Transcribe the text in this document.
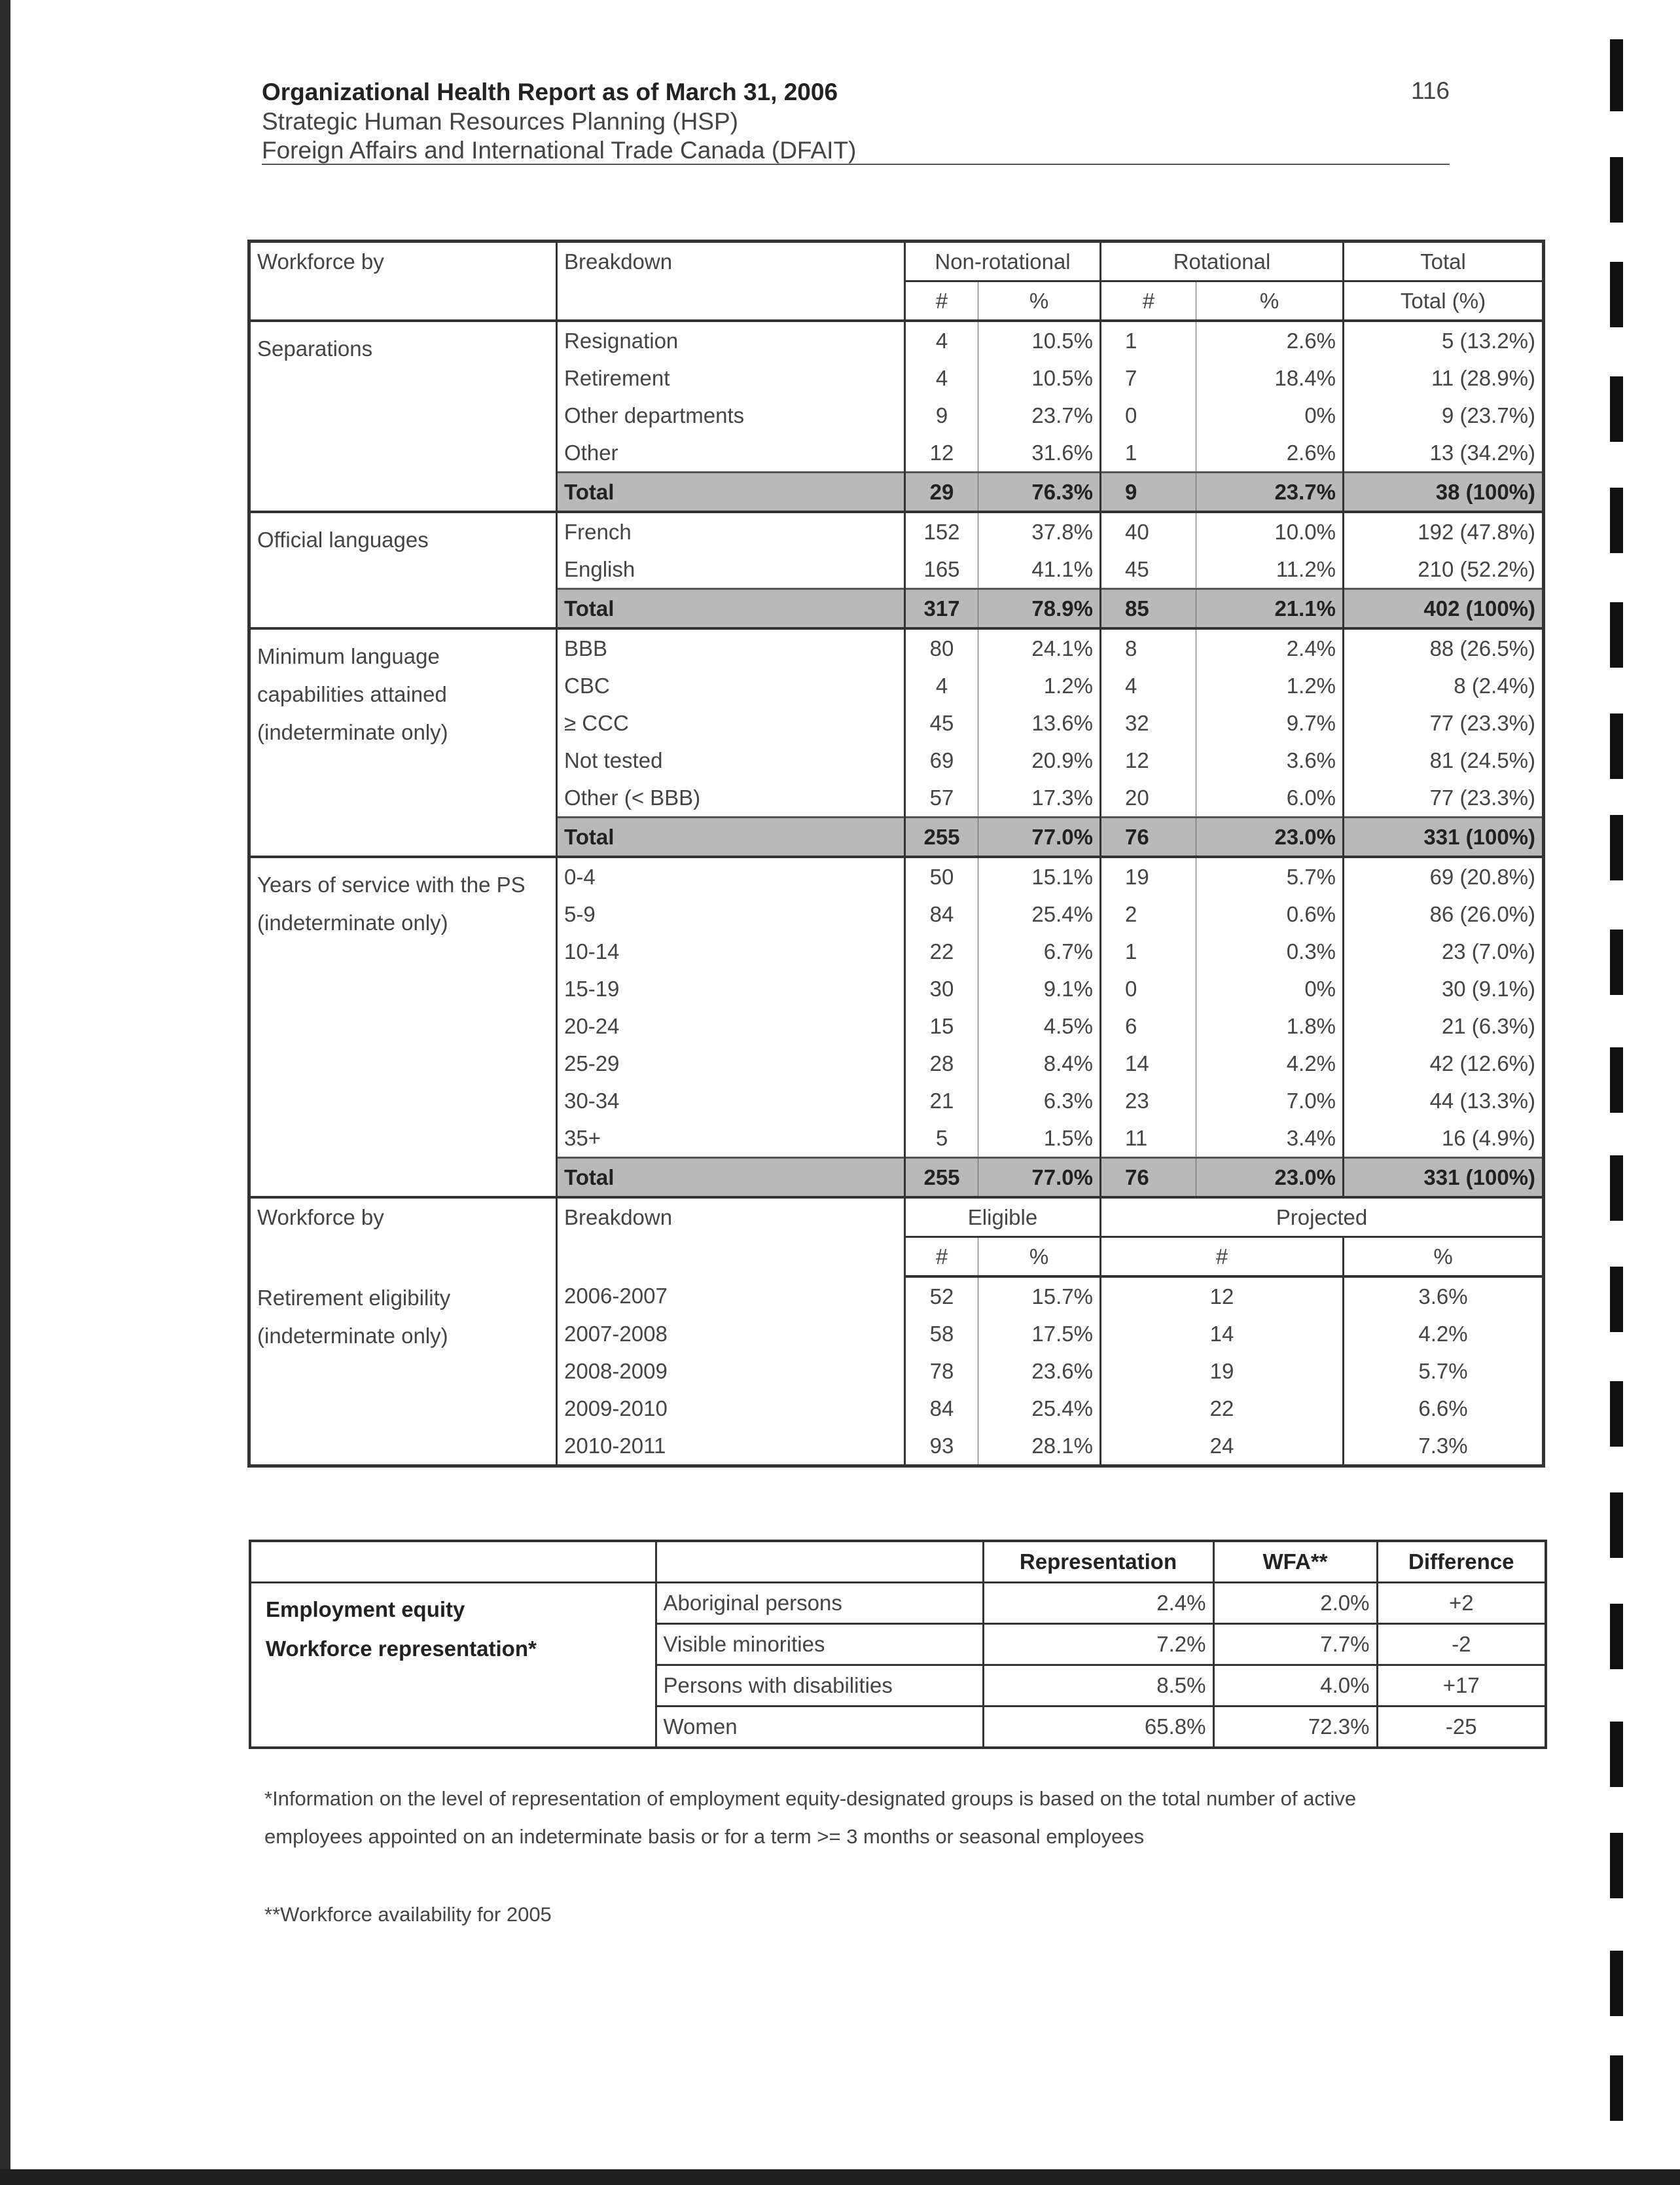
Organizational Health Report as of March 31, 2006
Strategic Human Resources Planning (HSP)
Foreign Affairs and International Trade Canada (DFAIT)
116
Workforce by	Breakdown	Non-rotational		Rotational		Total
		#	%	#	%	Total (%)
Separations	Resignation	4	10.5%	1	2.6%	5 (13.2%)
	Retirement	4	10.5%	7	18.4%	11 (28.9%)
	Other departments	9	23.7%	0	0%	9 (23.7%)
	Other	12	31.6%	1	2.6%	13 (34.2%)
	Total	29	76.3%	9	23.7%	38 (100%)
Official languages	French	152	37.8%	40	10.0%	192 (47.8%)
	English	165	41.1%	45	11.2%	210 (52.2%)
	Total	317	78.9%	85	21.1%	402 (100%)
Minimum language capabilities attained (indeterminate only)	BBB	80	24.1%	8	2.4%	88 (26.5%)
	CBC	4	1.2%	4	1.2%	8 (2.4%)
	≥ CCC	45	13.6%	32	9.7%	77 (23.3%)
	Not tested	69	20.9%	12	3.6%	81 (24.5%)
	Other (< BBB)	57	17.3%	20	6.0%	77 (23.3%)
	Total	255	77.0%	76	23.0%	331 (100%)
Years of service with the PS (indeterminate only)	0-4	50	15.1%	19	5.7%	69 (20.8%)
	5-9	84	25.4%	2	0.6%	86 (26.0%)
	10-14	22	6.7%	1	0.3%	23 (7.0%)
	15-19	30	9.1%	0	0%	30 (9.1%)
	20-24	15	4.5%	6	1.8%	21 (6.3%)
	25-29	28	8.4%	14	4.2%	42 (12.6%)
	30-34	21	6.3%	23	7.0%	44 (13.3%)
	35+	5	1.5%	11	3.4%	16 (4.9%)
	Total	255	77.0%	76	23.0%	331 (100%)
Workforce by	Breakdown	Eligible		Projected		
		#	%	#		%
Retirement eligibility (indeterminate only)	2006-2007	52	15.7%	12		3.6%
	2007-2008	58	17.5%	14		4.2%
	2008-2009	78	23.6%	19		5.7%
	2009-2010	84	25.4%	22		6.6%
	2010-2011	93	28.1%	24		7.3%
		Representation	WFA**	Difference

Employment equity
Workforce representation*	Aboriginal persons	2.4%	2.0%	+2
	Visible minorities	7.2%	7.7%	-2
	Persons with disabilities	8.5%	4.0%	+17
	Women	65.8%	72.3%	-25
*Information on the level of representation of employment equity-designated groups is based on the total number of active
employees appointed on an indeterminate basis or for a term >= 3 months or seasonal employees
**Workforce availability for 2005
